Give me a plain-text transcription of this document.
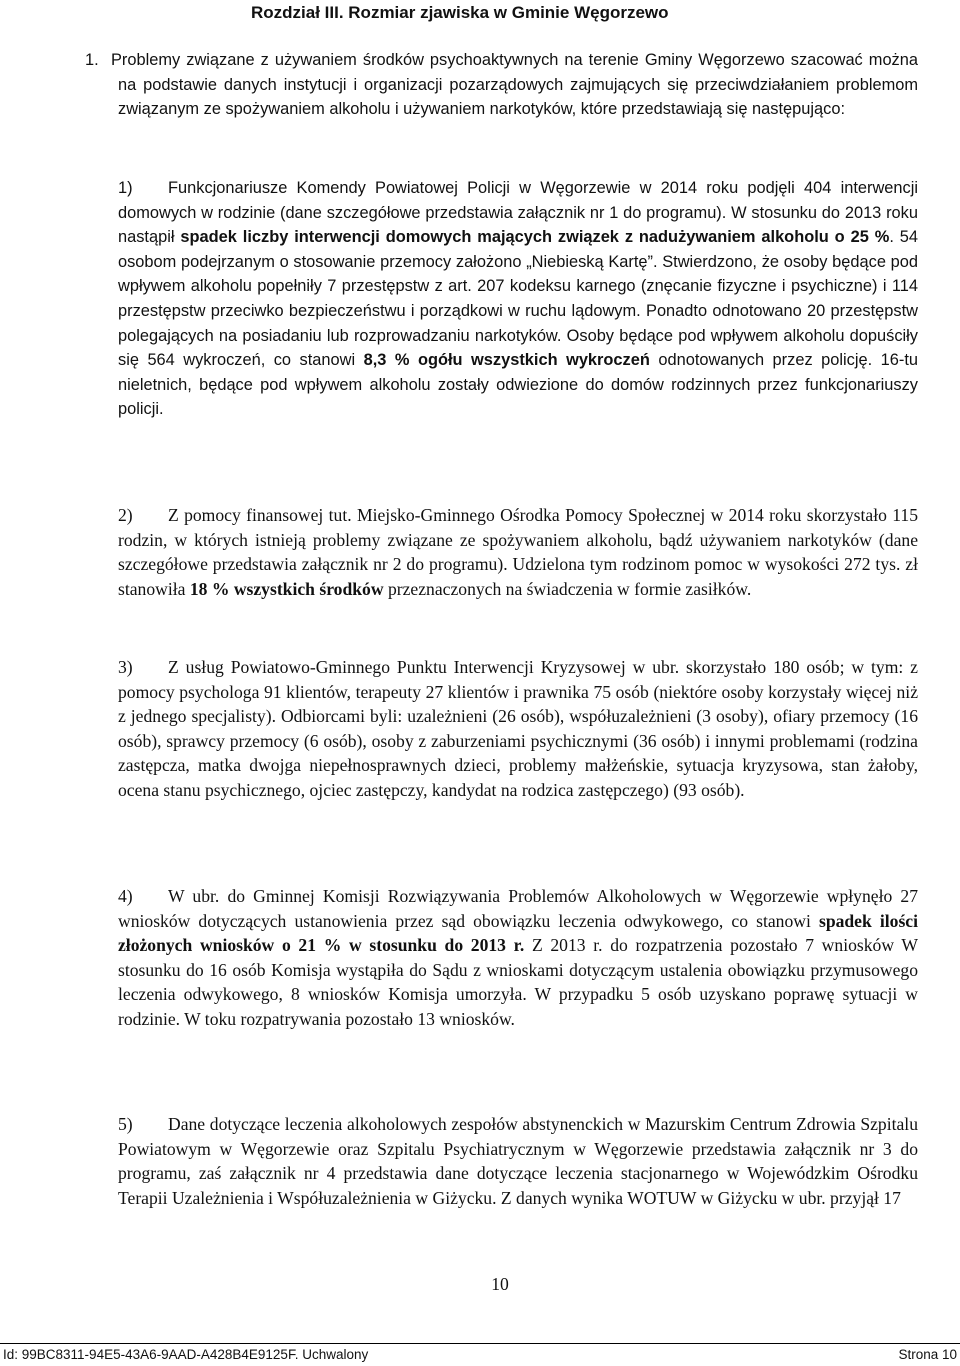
Rozdział III. Rozmiar zjawiska w Gminie Węgorzewo

1. Problemy związane z używaniem środków psychoaktywnych na terenie Gminy Węgorzewo szacować można na podstawie danych instytucji i organizacji pozarządowych zajmujących się przeciwdziałaniem problemom związanym ze spożywaniem alkoholu i używaniem narkotyków, które przedstawiają się następująco:

1) Funkcjonariusze Komendy Powiatowej Policji w Węgorzewie w 2014 roku podjęli 404 interwencji domowych w rodzinie (dane szczegółowe przedstawia załącznik nr 1 do programu). W stosunku do 2013 roku nastąpił spadek liczby interwencji domowych mających związek z nadużywaniem alkoholu o 25 %. 54 osobom podejrzanym o stosowanie przemocy założono „Niebieską Kartę”. Stwierdzono, że osoby będące pod wpływem alkoholu popełniły 7 przestępstw z art. 207 kodeksu karnego (znęcanie fizyczne i psychiczne) i 114 przestępstw przeciwko bezpieczeństwu i porządkowi w ruchu lądowym. Ponadto odnotowano 20 przestępstw polegających na posiadaniu lub rozprowadzaniu narkotyków. Osoby będące pod wpływem alkoholu dopuściły się 564 wykroczeń, co stanowi 8,3 % ogółu wszystkich wykroczeń odnotowanych przez policję. 16-tu nieletnich, będące pod wpływem alkoholu zostały odwiezione do domów rodzinnych przez funkcjonariuszy policji.

2) Z pomocy finansowej tut. Miejsko-Gminnego Ośrodka Pomocy Społecznej w 2014 roku skorzystało 115 rodzin, w których istnieją problemy związane ze spożywaniem alkoholu, bądź używaniem narkotyków (dane szczegółowe przedstawia załącznik nr 2 do programu). Udzielona tym rodzinom pomoc w wysokości 272 tys. zł stanowiła 18 % wszystkich środków przeznaczonych na świadczenia w formie zasiłków.

3) Z usług Powiatowo-Gminnego Punktu Interwencji Kryzysowej w ubr. skorzystało 180 osób; w tym: z pomocy psychologa 91 klientów, terapeuty 27 klientów i prawnika 75 osób (niektóre osoby korzystały więcej niż z jednego specjalisty). Odbiorcami byli: uzależnieni (26 osób), współuzależnieni (3 osoby), ofiary przemocy (16 osób), sprawcy przemocy (6 osób), osoby z zaburzeniami psychicznymi (36 osób) i innymi problemami (rodzina zastępcza, matka dwojga niepełnosprawnych dzieci, problemy małżeńskie, sytuacja kryzysowa, stan żałoby, ocena stanu psychicznego, ojciec zastępczy, kandydat na rodzica zastępczego) (93 osób).

4) W ubr. do Gminnej Komisji Rozwiązywania Problemów Alkoholowych w Węgorzewie wpłynęło 27 wniosków dotyczących ustanowienia przez sąd obowiązku leczenia odwykowego, co stanowi spadek ilości złożonych wniosków o 21 % w stosunku do 2013 r. Z 2013 r. do rozpatrzenia pozostało 7 wniosków W stosunku do 16 osób Komisja wystąpiła do Sądu z wnioskami dotyczącym ustalenia obowiązku przymusowego leczenia odwykowego, 8 wniosków Komisja umorzyła. W przypadku 5 osób uzyskano poprawę sytuacji w rodzinie. W toku rozpatrywania pozostało 13 wniosków.

5) Dane dotyczące leczenia alkoholowych zespołów abstynenckich w Mazurskim Centrum Zdrowia Szpitalu Powiatowym w Węgorzewie oraz Szpitalu Psychiatrycznym w Węgorzewie przedstawia załącznik nr 3 do programu, zaś załącznik nr 4 przedstawia dane dotyczące leczenia stacjonarnego w Wojewódzkim Ośrodku Terapii Uzależnienia i Współuzależnienia w Giżycku. Z danych wynika WOTUW w Giżycku w ubr. przyjął 17

10
Id: 99BC8311-94E5-43A6-9AAD-A428B4E9125F. Uchwalony	Strona 10
